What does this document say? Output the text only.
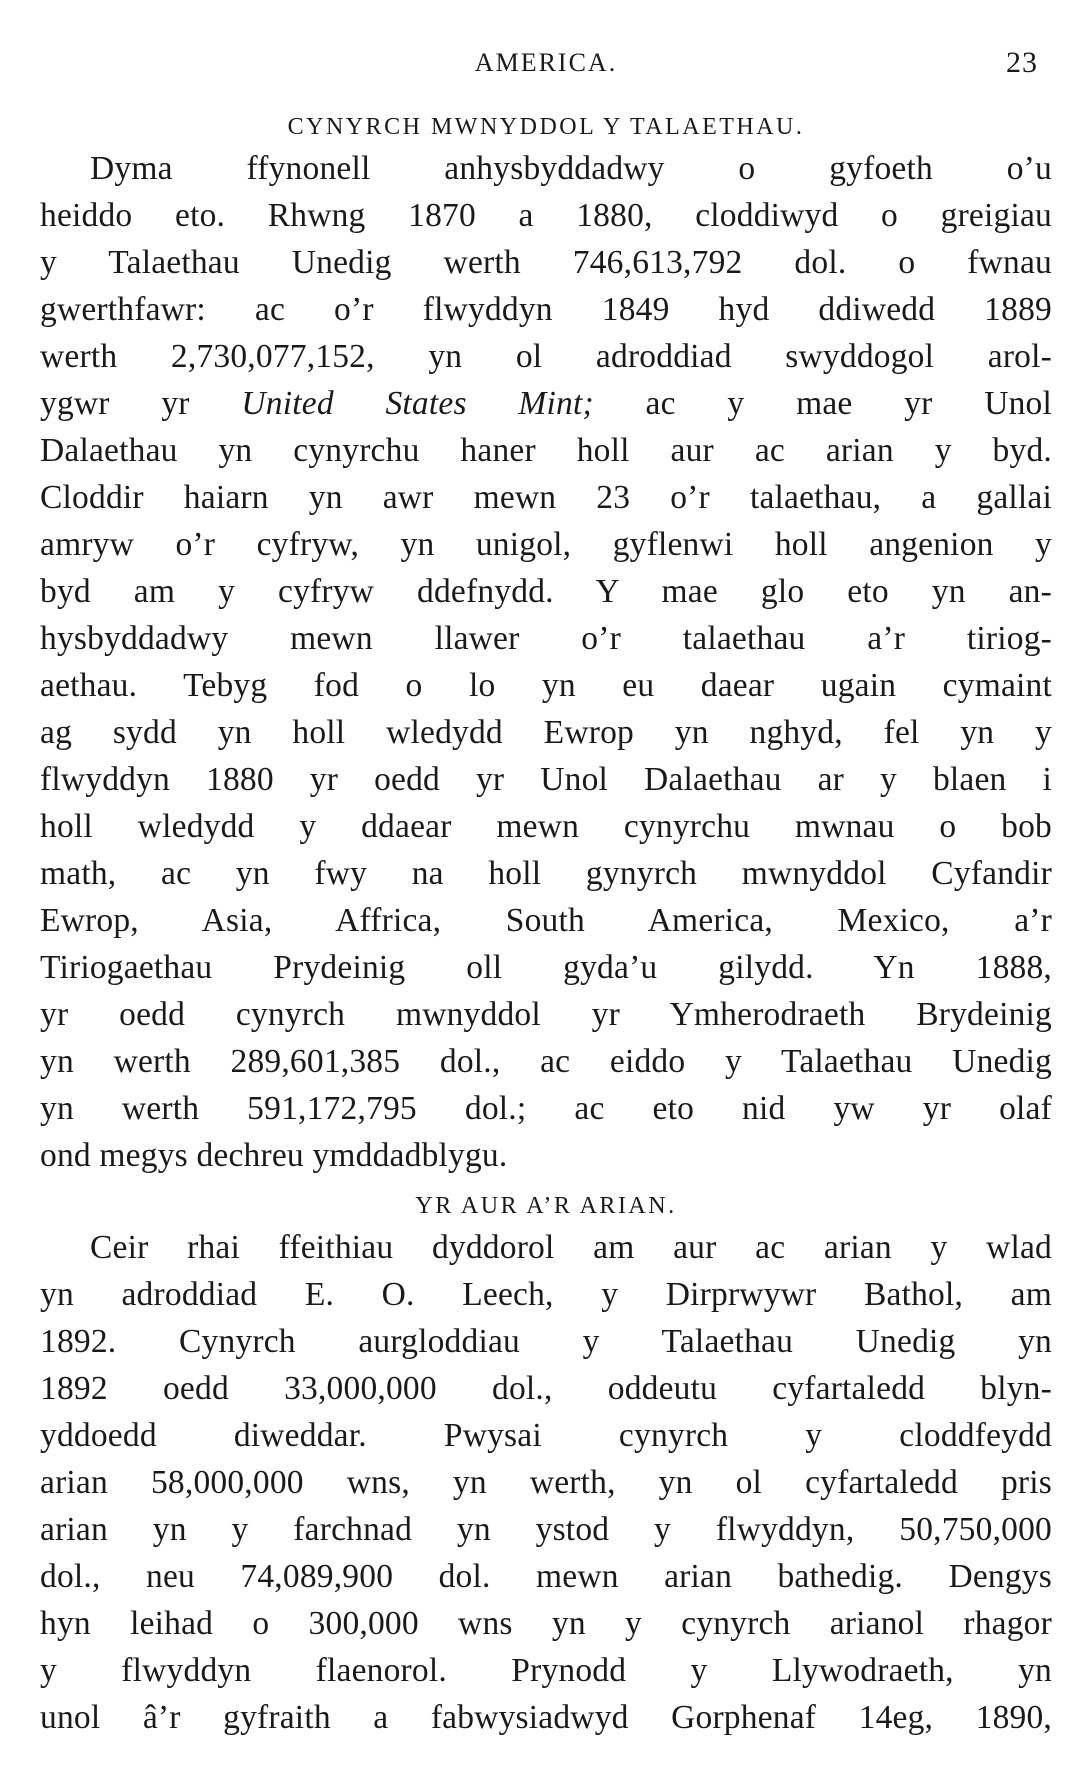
AMERICA.	23
CYNYRCH MWNYDDOL Y TALAETHAU.
Dyma ffynonell anhysbyddadwy o gyfoeth o’u
heiddo eto. Rhwng 1870 a 1880, cloddiwyd o greigiau
y Talaethau Unedig werth 746,613,792 dol. o fwnau
gwerthfawr: ac o’r flwyddyn 1849 hyd ddiwedd 1889
werth 2,730,077,152, yn ol adroddiad swyddogol arol-
ygwr yr United States Mint; ac y mae yr Unol
Dalaethau yn cynyrchu haner holl aur ac arian y byd.
Cloddir haiarn yn awr mewn 23 o’r talaethau, a gallai
amryw o’r cyfryw, yn unigol, gyflenwi holl angenion y
byd am y cyfryw ddefnydd. Y mae glo eto yn an-
hysbyddadwy mewn llawer o’r talaethau a’r tiriog-
aethau. Tebyg fod o lo yn eu daear ugain cymaint
ag sydd yn holl wledydd Ewrop yn nghyd, fel yn y
flwyddyn 1880 yr oedd yr Unol Dalaethau ar y blaen i
holl wledydd y ddaear mewn cynyrchu mwnau o bob
math, ac yn fwy na holl gynyrch mwnyddol Cyfandir
Ewrop, Asia, Affrica, South America, Mexico, a’r
Tiriogaethau Prydeinig oll gyda’u gilydd. Yn 1888,
yr oedd cynyrch mwnyddol yr Ymherodraeth Brydeinig
yn werth 289,601,385 dol., ac eiddo y Talaethau Unedig
yn werth 591,172,795 dol.; ac eto nid yw yr olaf
ond megys dechreu ymddadblygu.
YR AUR A’R ARIAN.
Ceir rhai ffeithiau dyddorol am aur ac arian y wlad
yn adroddiad E. O. Leech, y Dirprwywr Bathol, am
1892. Cynyrch aurgloddiau y Talaethau Unedig yn
1892 oedd 33,000,000 dol., oddeutu cyfartaledd blyn-
yddoedd diweddar. Pwysai cynyrch y cloddfeydd
arian 58,000,000 wns, yn werth, yn ol cyfartaledd pris
arian yn y farchnad yn ystod y flwyddyn, 50,750,000
dol., neu 74,089,900 dol. mewn arian bathedig. Dengys
hyn leihad o 300,000 wns yn y cynyrch arianol rhagor
y flwyddyn flaenorol. Prynodd y Llywodraeth, yn
unol â’r gyfraith a fabwysiadwyd Gorphenaf 14eg, 1890,
